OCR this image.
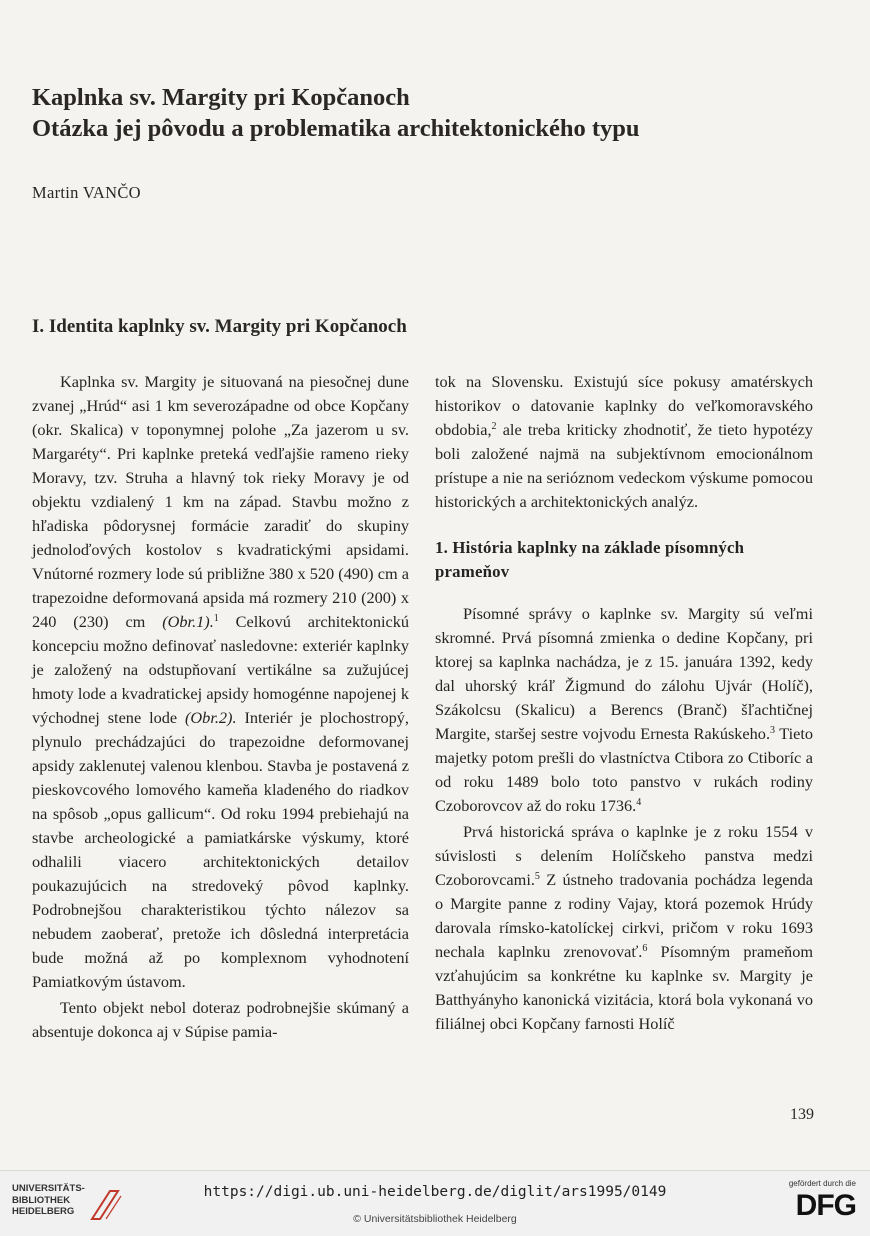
Kaplnka sv. Margity pri Kopčanoch
Otázka jej pôvodu a problematika architektonického typu
Martin VANČO
I. Identita kaplnky sv. Margity pri Kopčanoch

Kaplnka sv. Margity je situovaná na piesočnej dune zvanej „Hrúd“ asi 1 km severozápadne od obce Kopčany (okr. Skalica) v toponymnej polohe „Za jazerom u sv. Margaréty“. Pri kaplnke preteká vedľajšie rameno rieky Moravy, tzv. Struha a hlavný tok rieky Moravy je od objektu vzdialený 1 km na západ. Stavbu možno z hľadiska pôdorysnej formácie zaradiť do skupiny jednoloďových kostolov s kvadratickými apsidami. Vnútorné rozmery lode sú približne 380 x 520 (490) cm a trapezoidne deformovaná apsida má rozmery 210 (200) x 240 (230) cm (Obr.1).$^1$ Celkovú architektonickú koncepciu možno definovať nasledovne: exteriér kaplnky je založený na odstupňovaní vertikálne sa zužujúcej hmoty lode a kvadratickej apsidy homogénne napojenej k východnej stene lode (Obr.2). Interiér je plochostropý, plynulo prechádzajúci do trapezoidne deformovanej apsidy zaklenutej valenou klenbou. Stavba je postavená z pieskovcového lomového kameňa kladeného do riadkov na spôsob „opus gallicum“. Od roku 1994 prebiehajú na stavbe archeologické a pamiatkárske výskumy, ktoré odhalili viacero architektonických detailov poukazujúcich na stredoveký pôvod kaplnky. Podrobnejšou charakteristikou týchto nálezov sa nebudem zaoberať, pretože ich dôsledná interpretácia bude možná až po komplexnom vyhodnotení Pamiatkovým ústavom.

Tento objekt nebol doteraz podrobnejšie skúmaný a absentuje dokonca aj v Súpise pamia-

tok na Slovensku. Existujú síce pokusy amatérskych historikov o datovanie kaplnky do veľkomoravského obdobia,$^2$ ale treba kriticky zhodnotiť, že tieto hypotézy boli založené najmä na subjektívnom emocionálnom prístupe a nie na serióznom vedeckom výskume pomocou historických a architektonických analýz.

1. História kaplnky na základe písomných prameňov

Písomné správy o kaplnke sv. Margity sú veľmi skromné. Prvá písomná zmienka o dedine Kopčany, pri ktorej sa kaplnka nachádza, je z 15. januára 1392, kedy dal uhorský kráľ Žigmund do zálohu Ujvár (Holíč), Szákolcsu (Skalicu) a Berencs (Branč) šľachtičnej Margite, staršej sestre vojvodu Ernesta Rakúskeho.$^3$ Tieto majetky potom prešli do vlastníctva Ctibora zo Ctiboríc a od roku 1489 bolo toto panstvo v rukách rodiny Czoborovcov až do roku 1736.$^4$

Prvá historická správa o kaplnke je z roku 1554 v súvislosti s delením Holíčskeho panstva medzi Czoborovcami.$^5$ Z ústneho tradovania pochádza legenda o Margite panne z rodiny Vajay, ktorá pozemok Hrúdy darovala rímsko-katolíckej cirkvi, pričom v roku 1693 nechala kaplnku zrenovovať.$^6$ Písomným prameňom vzťahujúcim sa konkrétne ku kaplnke sv. Margity je Batthyányho kanonická vizitácia, ktorá bola vykonaná vo filiálnej obci Kopčany farnosti Holíč

139
UNIVERSITÄTS-
BIBLIOTHEK
HEIDELBERG
https://digi.ub.uni-heidelberg.de/diglit/ars1995/0149
© Universitätsbibliothek Heidelberg
gefördert durch die
DFG
